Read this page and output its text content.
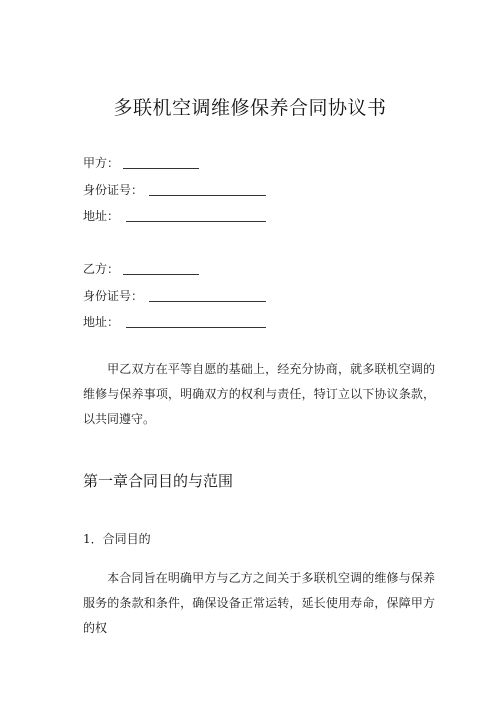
多联机空调维修保养合同协议书
甲方：
身份证号：
地址：
乙方：
身份证号：
地址：
甲乙双方在平等自愿的基础上，经充分协商，就多联机空调的维修与保养事项，明确双方的权利与责任，特订立以下协议条款，以共同遵守。
第一章合同目的与范围
1．合同目的
本合同旨在明确甲方与乙方之间关于多联机空调的维修与保养服务的条款和条件，确保设备正常运转，延长使用寿命，保障甲方的权
